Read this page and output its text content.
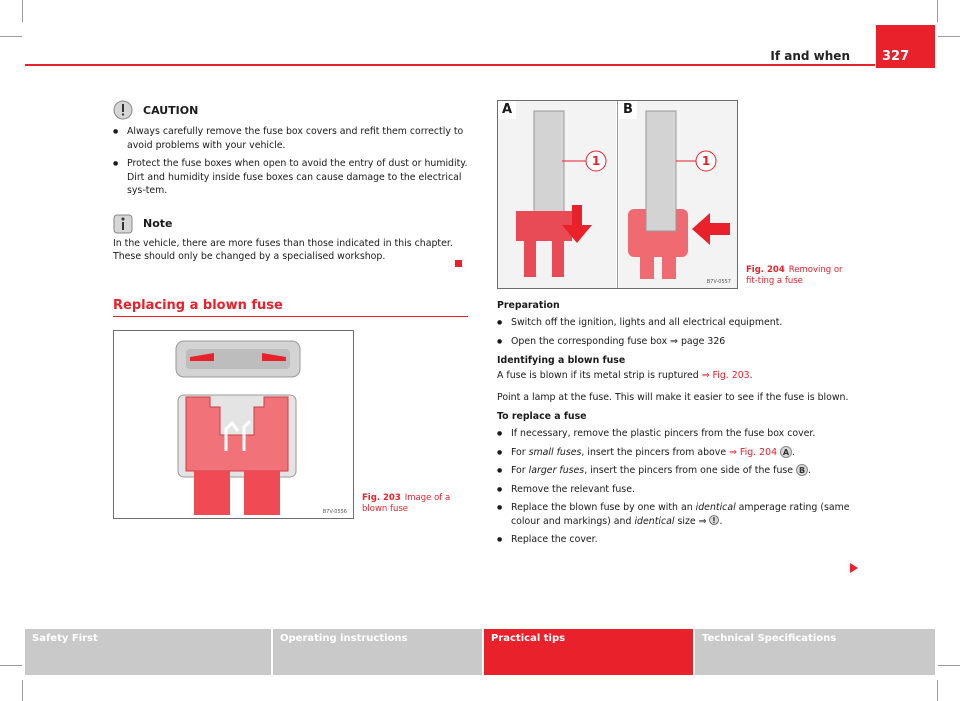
If and when	327
CAUTION
● Always carefully remove the fuse box covers and refit them correctly to avoid problems with your vehicle.
● Protect the fuse boxes when open to avoid the entry of dust or humidity. Dirt and humidity inside fuse boxes can cause damage to the electrical sys-tem.
Note

In the vehicle, there are more fuses than those indicated in this chapter. These should only be changed by a specialised workshop.

Replacing a blown fuse
B7V-0556
Fig. 203 Image of a blown fuse
A	B
1	1
B7V-0557
Fig. 204 Removing or fit-ting a fuse
Preparation
● Switch off the ignition, lights and all electrical equipment.
● Open the corresponding fuse box ⇒ page 326
Identifying a blown fuse

A fuse is blown if its metal strip is ruptured ⇒ Fig. 203.

Point a lamp at the fuse. This will make it easier to see if the fuse is blown.

To replace a fuse
● If necessary, remove the plastic pincers from the fuse box cover.
● For small fuses, insert the pincers from above ⇒ Fig. 204 A .
● For larger fuses, insert the pincers from one side of the fuse B .
● Remove the relevant fuse.
● Replace the blown fuse by one with an identical amperage rating (same colour and markings) and identical size ⇒ .
● Replace the cover.
Safety First	Operating instructions	Practical tips	Technical Specifications
